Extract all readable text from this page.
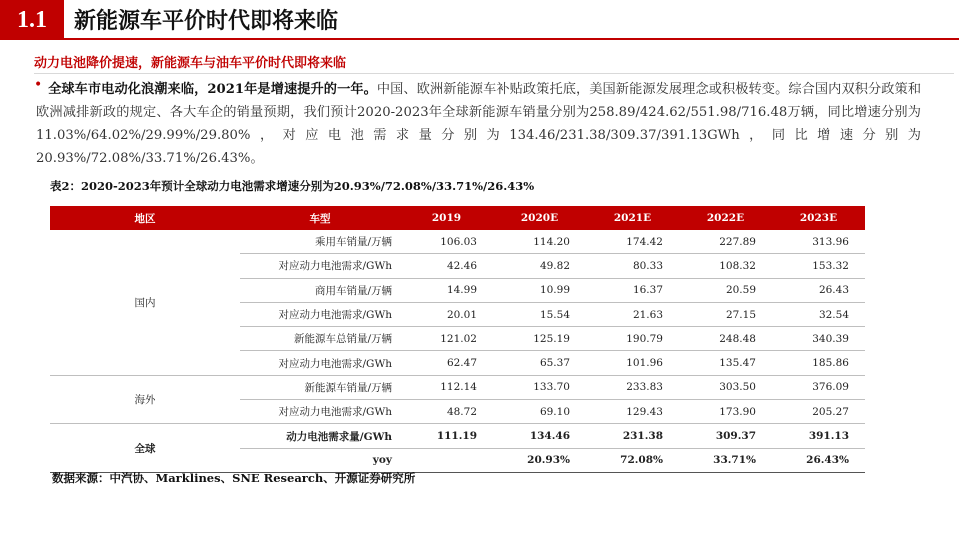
1.1	新能源车平价时代即将来临
动力电池降价提速，新能源车与油车平价时代即将来临
• 全球车市电动化浪潮来临，2021年是增速提升的一年。中国、欧洲新能源车补贴政策托底，美国新能源发展理念或积极转变。综合国内双积分政策和欧洲减排新政的规定、各大车企的销量预期，我们预计2020-2023年全球新能源车销量分别为258.89/424.62/551.98/716.48万辆，同比增速分别为11.03%/64.02%/29.99%/29.80%，对应电池需求量分别为134.46/231.38/309.37/391.13GWh，同比增速分别为20.93%/72.08%/33.71%/26.43%。
表2：2020-2023年预计全球动力电池需求增速分别为20.93%/72.08%/33.71%/26.43%
地区	车型	2019	2020E	2021E	2022E	2023E
国内	乘用车销量/万辆	106.03	114.20	174.42	227.89	313.96
	对应动力电池需求/GWh	42.46	49.82	80.33	108.32	153.32
	商用车销量/万辆	14.99	10.99	16.37	20.59	26.43
	对应动力电池需求/GWh	20.01	15.54	21.63	27.15	32.54
	新能源车总销量/万辆	121.02	125.19	190.79	248.48	340.39
	对应动力电池需求/GWh	62.47	65.37	101.96	135.47	185.86
海外	新能源车销量/万辆	112.14	133.70	233.83	303.50	376.09
	对应动力电池需求/GWh	48.72	69.10	129.43	173.90	205.27
全球	动力电池需求量/GWh	111.19	134.46	231.38	309.37	391.13
	yoy		20.93%	72.08%	33.71%	26.43%
数据来源：中汽协、Marklines、SNE Research、开源证券研究所
